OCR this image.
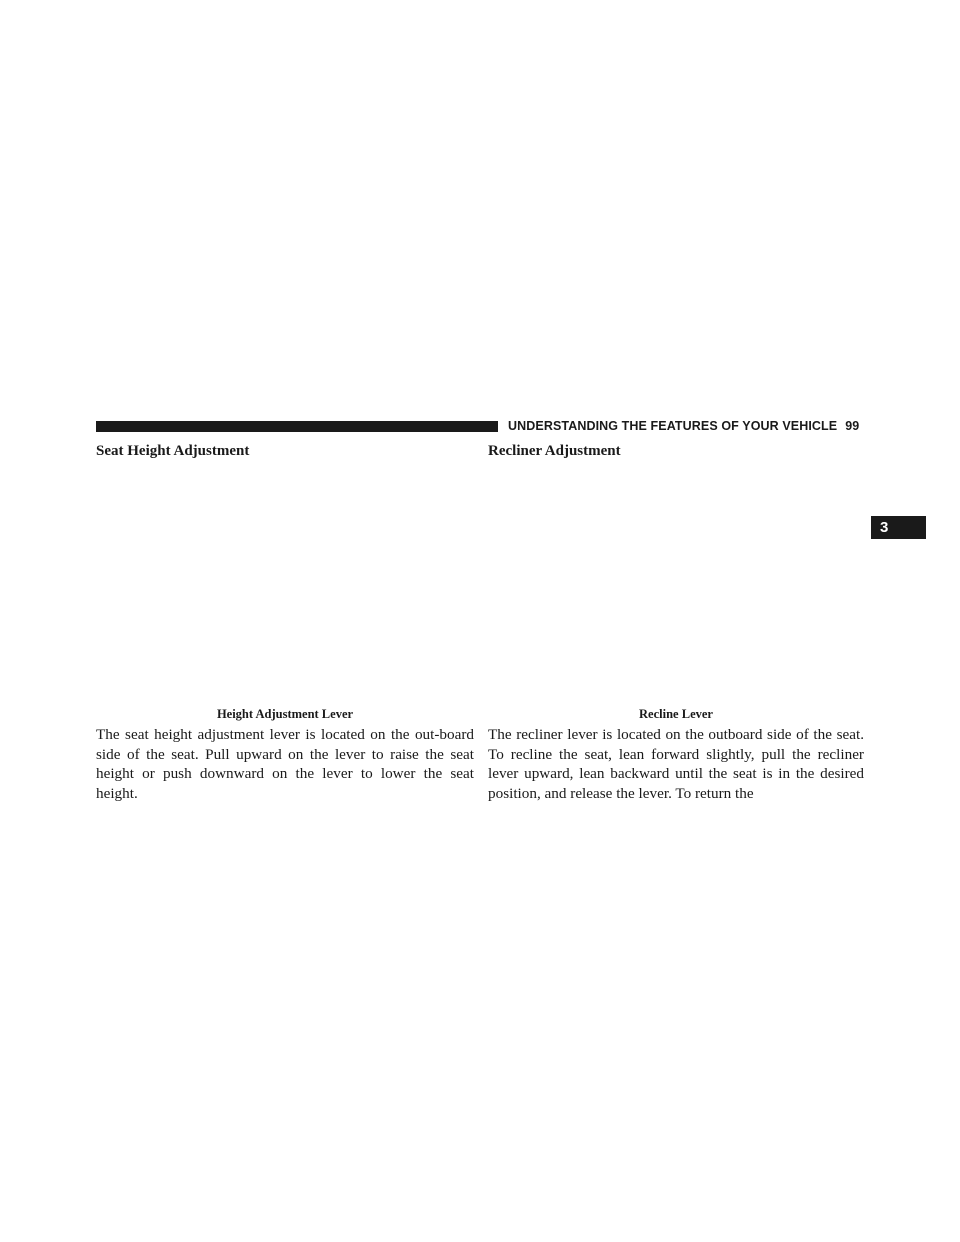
UNDERSTANDING THE FEATURES OF YOUR VEHICLE 99
3
Seat Height Adjustment	Recliner Adjustment
Height Adjustment Lever	Recline Lever

The seat height adjustment lever is located on the out-board side of the seat. Pull upward on the lever to raise the seat height or push downward on the lever to lower the seat height.

The recliner lever is located on the outboard side of the seat. To recline the seat, lean forward slightly, pull the recliner lever upward, lean backward until the seat is in the desired position, and release the lever. To return the
